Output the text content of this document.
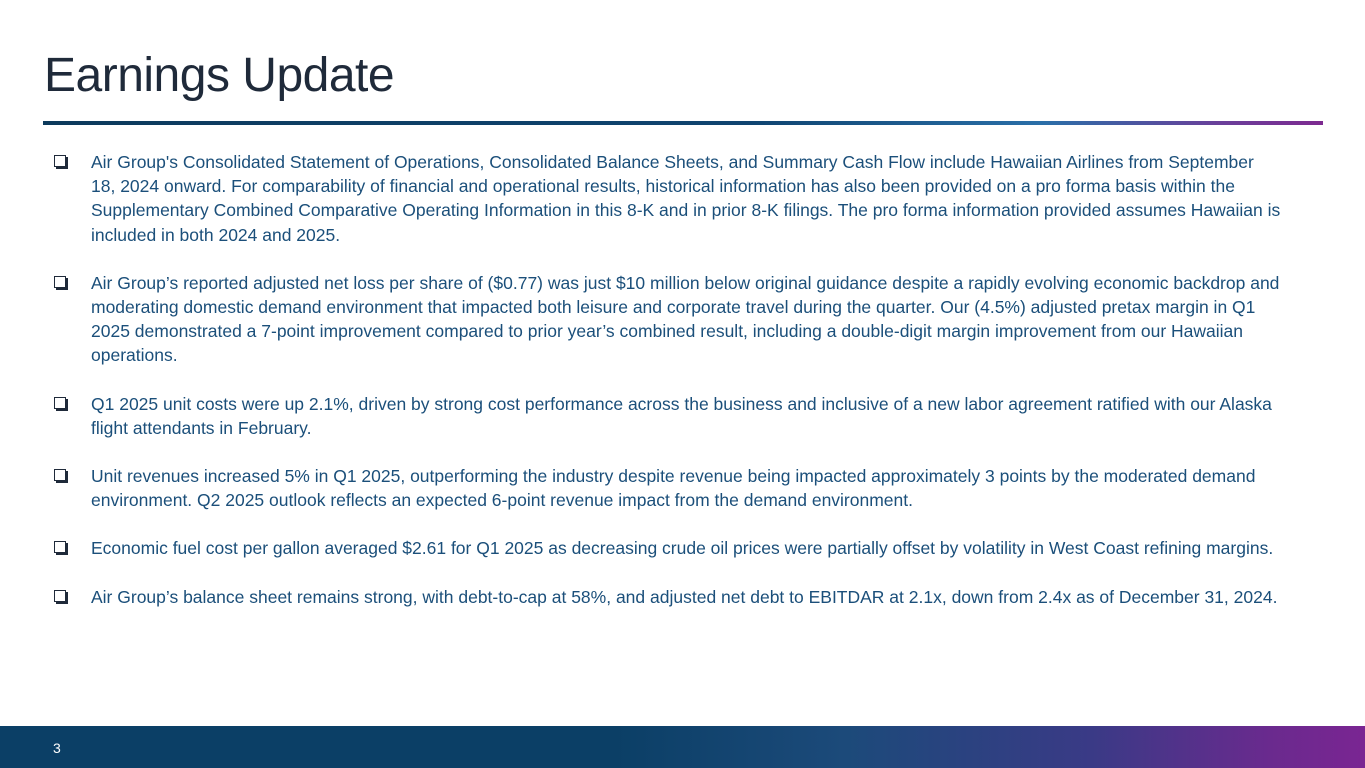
Earnings Update
Air Group's Consolidated Statement of Operations, Consolidated Balance Sheets, and Summary Cash Flow include Hawaiian Airlines from September 18, 2024 onward. For comparability of financial and operational results, historical information has also been provided on a pro forma basis within the Supplementary Combined Comparative Operating Information in this 8-K and in prior 8-K filings. The pro forma information provided assumes Hawaiian is included in both 2024 and 2025.
Air Group’s reported adjusted net loss per share of ($0.77) was just $10 million below original guidance despite a rapidly evolving economic backdrop and moderating domestic demand environment that impacted both leisure and corporate travel during the quarter. Our (4.5%) adjusted pretax margin in Q1 2025 demonstrated a 7-point improvement compared to prior year’s combined result, including a double-digit margin improvement from our Hawaiian operations.
Q1 2025 unit costs were up 2.1%, driven by strong cost performance across the business and inclusive of a new labor agreement ratified with our Alaska flight attendants in February.
Unit revenues increased 5% in Q1 2025, outperforming the industry despite revenue being impacted approximately 3 points by the moderated demand environment. Q2 2025 outlook reflects an expected 6-point revenue impact from the demand environment.
Economic fuel cost per gallon averaged $2.61 for Q1 2025 as decreasing crude oil prices were partially offset by volatility in West Coast refining margins.
Air Group’s balance sheet remains strong, with debt-to-cap at 58%, and adjusted net debt to EBITDAR at 2.1x, down from 2.4x as of December 31, 2024.
3
